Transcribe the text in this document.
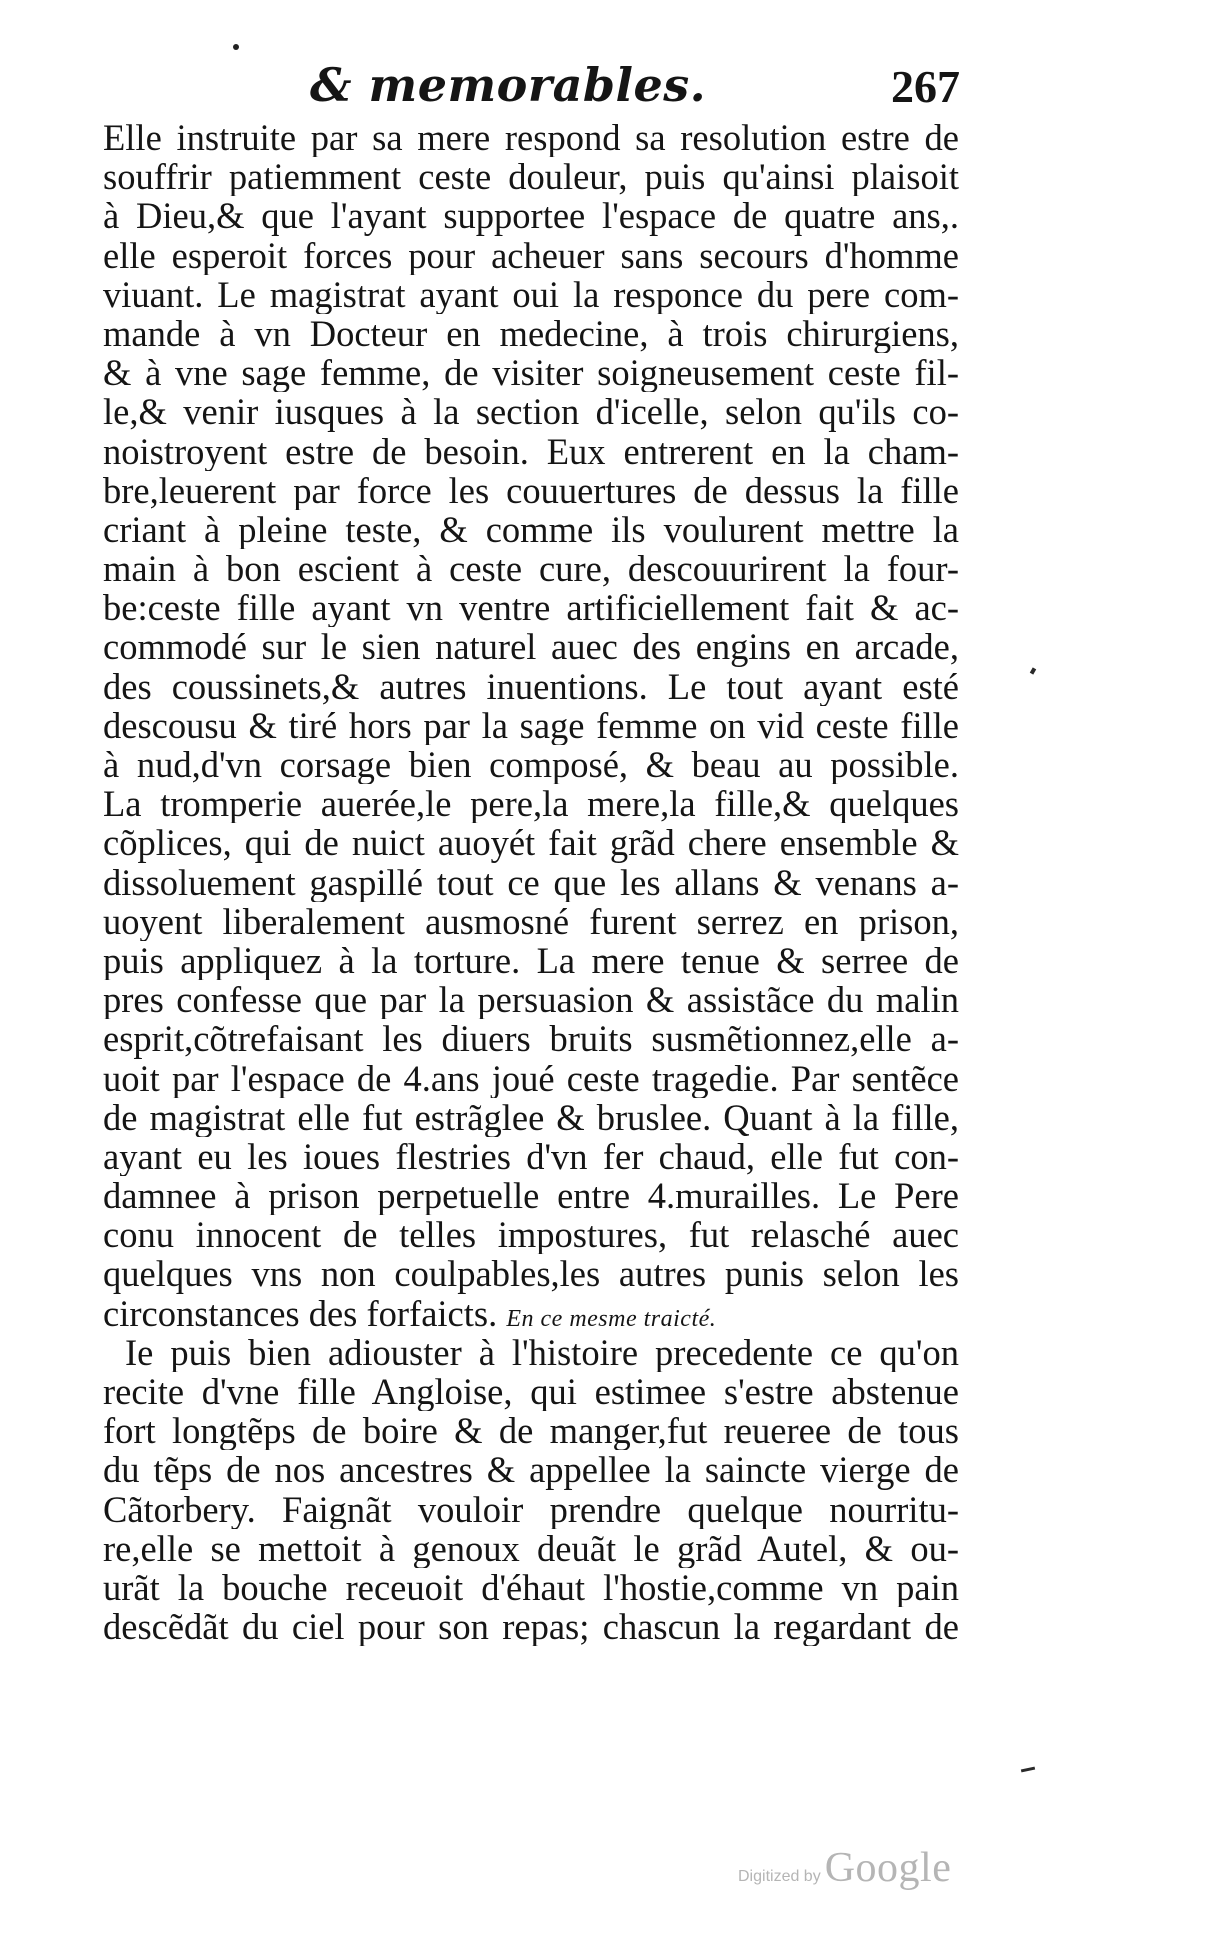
& memorables.	267
Elle instruite par sa mere respond sa resolution estre de
souffrir patiemment ceste douleur, puis qu'ainsi plaisoit
à Dieu,& que l'ayant supportee l'espace de quatre ans,.
elle esperoit forces pour acheuer sans secours d'homme
viuant. Le magistrat ayant oui la responce du pere com-
mande à vn Docteur en medecine, à trois chirurgiens,
& à vne sage femme, de visiter soigneusement ceste fil-
le,& venir iusques à la section d'icelle, selon qu'ils co-
noistroyent estre de besoin. Eux entrerent en la cham-
bre,leuerent par force les couuertures de dessus la fille
criant à pleine teste, & comme ils voulurent mettre la
main à bon escient à ceste cure, descouurirent la four-
be:ceste fille ayant vn ventre artificiellement fait & ac-
commodé sur le sien naturel auec des engins en arcade,
des coussinets,& autres inuentions. Le tout ayant esté
descousu & tiré hors par la sage femme on vid ceste fille
à nud,d'vn corsage bien composé, & beau au possible.
La tromperie auerée,le pere,la mere,la fille,& quelques
cõplices, qui de nuict auoyét fait grãd chere ensemble &
dissoluement gaspillé tout ce que les allans & venans a-
uoyent liberalement ausmosné furent serrez en prison,
puis appliquez à la torture. La mere tenue & serree de
pres confesse que par la persuasion & assistãce du malin
esprit,cõtrefaisant les diuers bruits susmẽtionnez,elle a-
uoit par l'espace de 4.ans joué ceste tragedie. Par sentẽce
de magistrat elle fut estrãglee & bruslee. Quant à la fille,
ayant eu les ioues flestries d'vn fer chaud, elle fut con-
damnee à prison perpetuelle entre 4.murailles. Le Pere
conu innocent de telles impostures, fut relasché auec
quelques vns non coulpables,les autres punis selon les
circonstances des forfaicts. En ce mesme traicté.
Ie puis bien adiouster à l'histoire precedente ce qu'on
recite d'vne fille Angloise, qui estimee s'estre abstenue
fort longtẽps de boire & de manger,fut reueree de tous
du tẽps de nos ancestres & appellee la saincte vierge de
Cãtorbery. Faignãt vouloir prendre quelque nourritu-
re,elle se mettoit à genoux deuãt le grãd Autel, & ou-
urãt la bouche receuoit d'éhaut l'hostie,comme vn pain
descẽdãt du ciel pour son repas; chascun la regardant de
Digitized by Google
